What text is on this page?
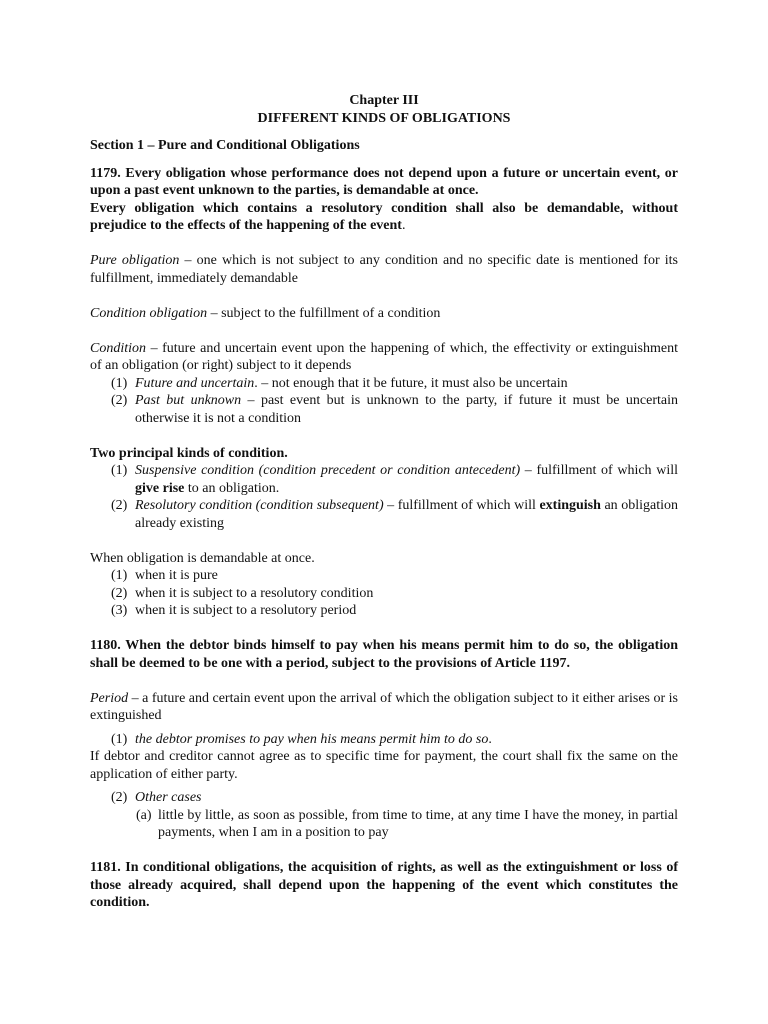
Chapter III

DIFFERENT KINDS OF OBLIGATIONS

Section 1 – Pure and Conditional Obligations

1179. Every obligation whose performance does not depend upon a future or uncertain event, or upon a past event unknown to the parties, is demandable at once.

Every obligation which contains a resolutory condition shall also be demandable, without prejudice to the effects of the happening of the event.

Pure obligation – one which is not subject to any condition and no specific date is mentioned for its fulfillment, immediately demandable

Condition obligation – subject to the fulfillment of a condition

Condition – future and uncertain event upon the happening of which, the effectivity or extinguishment of an obligation (or right) subject to it depends

(1) Future and uncertain. – not enough that it be future, it must also be uncertain
(2) Past but unknown – past event but is unknown to the party, if future it must be uncertain otherwise it is not a condition

Two principal kinds of condition.

(1) Suspensive condition (condition precedent or condition antecedent) – fulfillment of which will give rise to an obligation.
(2) Resolutory condition (condition subsequent) – fulfillment of which will extinguish an obligation already existing

When obligation is demandable at once.

(1) when it is pure
(2) when it is subject to a resolutory condition
(3) when it is subject to a resolutory period

1180. When the debtor binds himself to pay when his means permit him to do so, the obligation shall be deemed to be one with a period, subject to the provisions of Article 1197.

Period – a future and certain event upon the arrival of which the obligation subject to it either arises or is extinguished

(1) the debtor promises to pay when his means permit him to do so.

If debtor and creditor cannot agree as to specific time for payment, the court shall fix the same on the application of either party.

(2) Other cases
(a) little by little, as soon as possible, from time to time, at any time I have the money, in partial payments, when I am in a position to pay

1181. In conditional obligations, the acquisition of rights, as well as the extinguishment or loss of those already acquired, shall depend upon the happening of the event which constitutes the condition.
